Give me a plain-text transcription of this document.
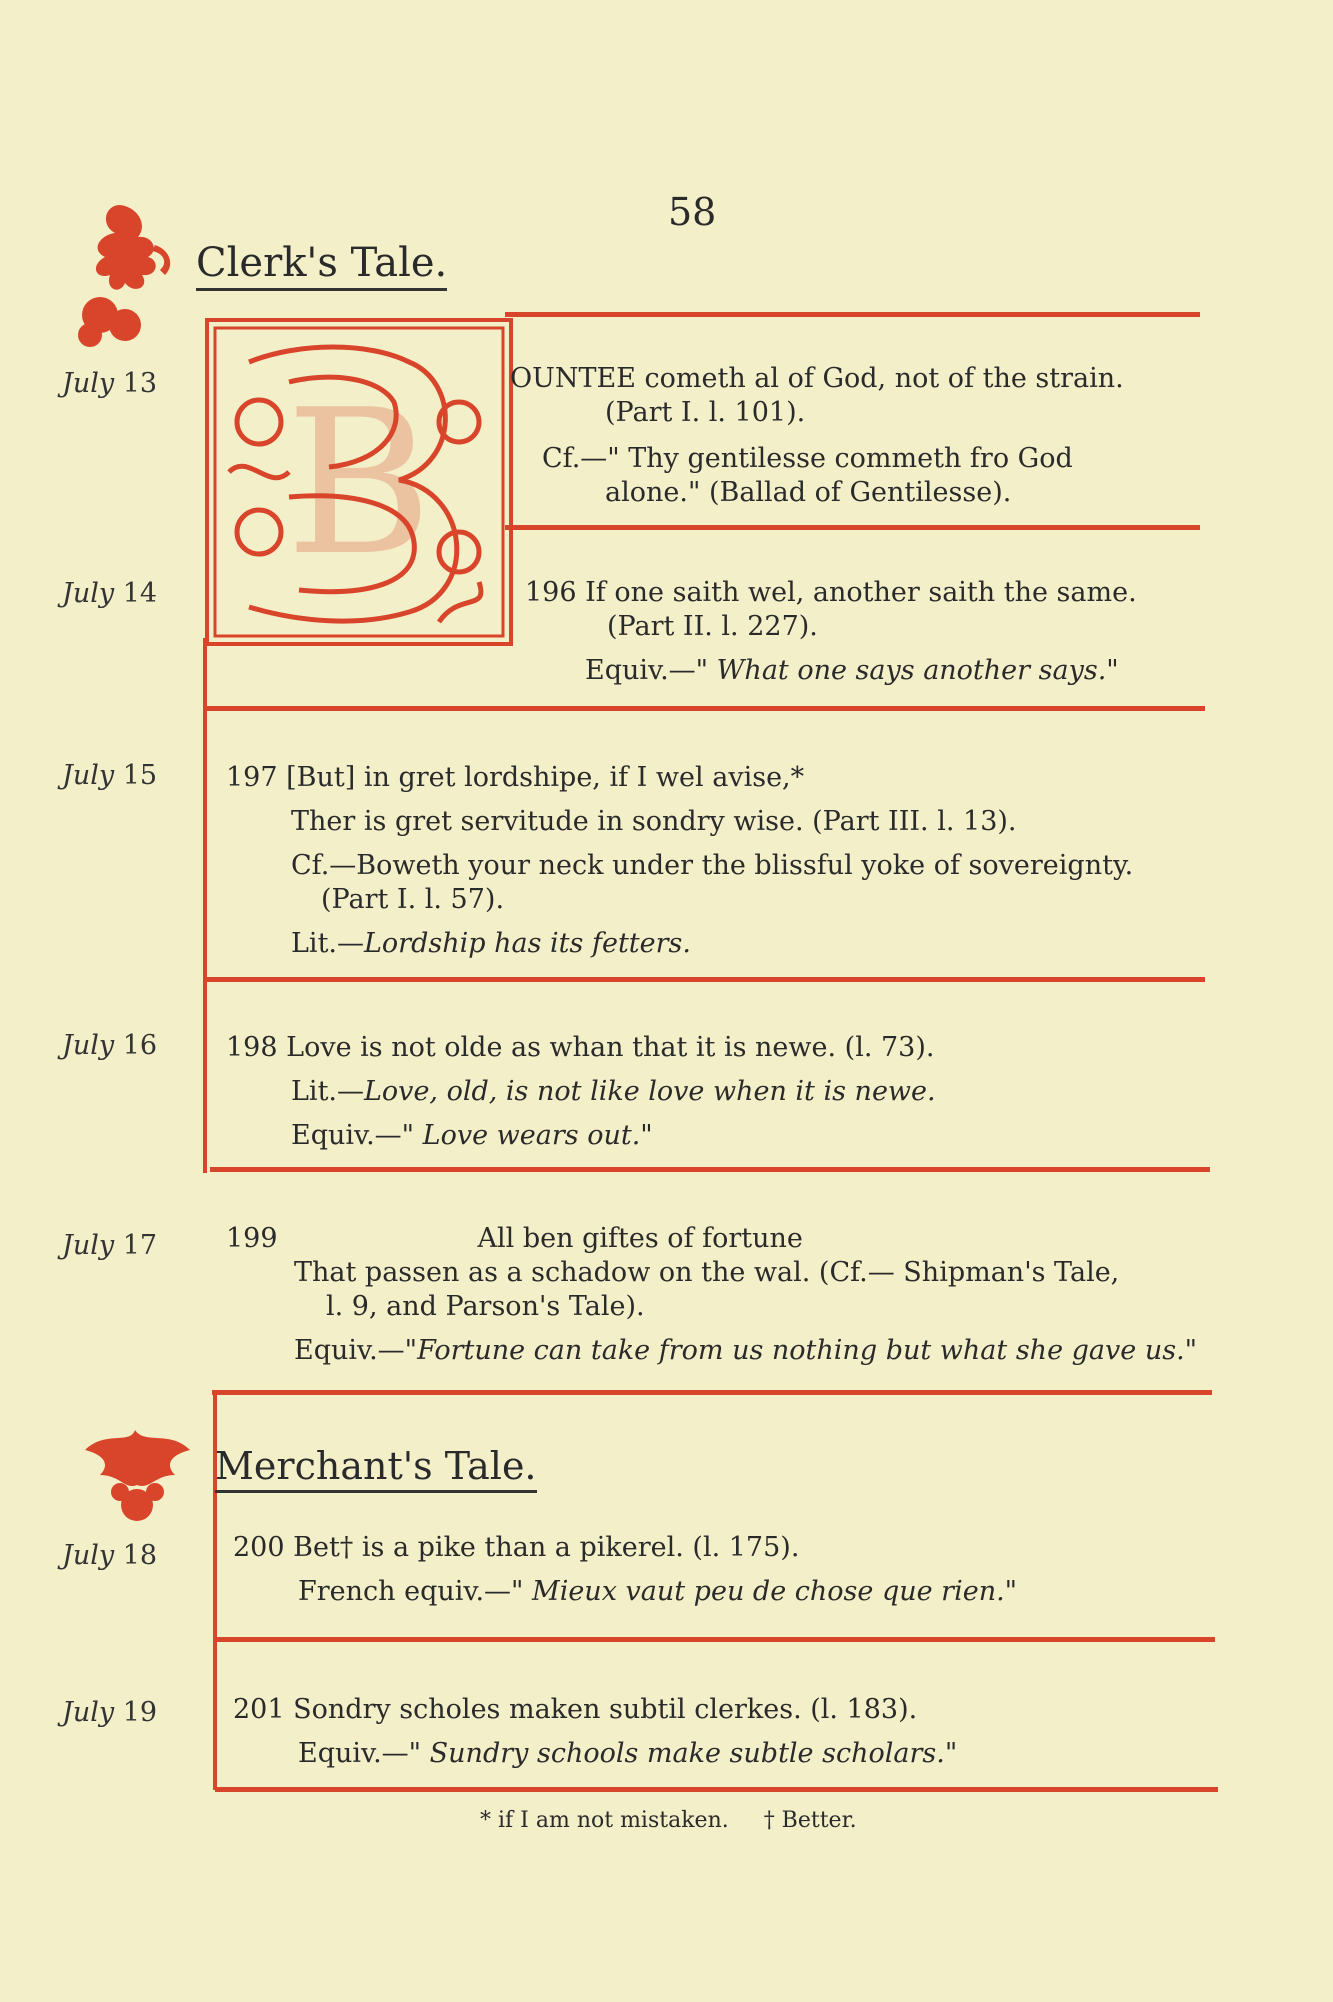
58
Clerk's Tale.
B
July 13
July 14
July 15
July 16
July 17
July 18
July 19
OUNTEE cometh al of God, not of the strain.
(Part I. l. 101).
Cf.—" Thy gentilesse commeth fro God
alone." (Ballad of Gentilesse).
196 If one saith wel, another saith the same.
(Part II. l. 227).
Equiv.—" What one says another says."
197 [But] in gret lordshipe, if I wel avise,*
Ther is gret servitude in sondry wise. (Part III. l. 13).
Cf.—Boweth your neck under the blissful yoke of sovereignty.
(Part I. l. 57).
Lit.—Lordship has its fetters.
198 Love is not olde as whan that it is newe. (l. 73).
Lit.—Love, old, is not like love when it is newe.
Equiv.—" Love wears out."
199	All ben giftes of fortune
That passen as a schadow on the wal. (Cf.— Shipman's Tale,
l. 9, and Parson's Tale).
Equiv.—"Fortune can take from us nothing but what she gave us."
Merchant's Tale.
200 Bet† is a pike than a pikerel. (l. 175).
French equiv.—" Mieux vaut peu de chose que rien."
201 Sondry scholes maken subtil clerkes. (l. 183).
Equiv.—" Sundry schools make subtle scholars."
* if I am not mistaken.     † Better.
